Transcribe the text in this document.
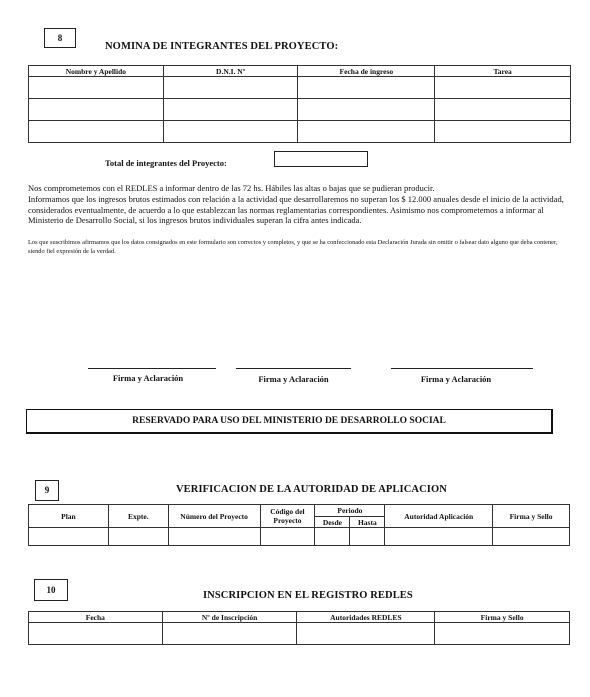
8
NOMINA DE INTEGRANTES DEL PROYECTO:
Nombre y Apellido	D.N.I. Nº	Fecha de ingreso	Tarea

Total de integrantes del Proyecto:
Nos comprometemos con el REDLES a informar dentro de las 72 hs. Hábiles las altas o bajas que se pudieran producir.
Informamos que los ingresos brutos estimados con relación a la actividad que desarrollaremos no superan los $ 12.000 anuales desde el inicio de la actividad, considerados eventualmente, de acuerdo a lo que establezcan las normas reglamentarias correspondientes. Asimismo nos comprometemos a informar al Ministerio de Desarrollo Social, si los ingresos brutos individuales superan la cifra antes indicada.
Los que suscribimos afirmamos que los datos consignados en este formulario son correctos y completos, y que se ha confeccionado esta Declaración Jurada sin omitir o falsear dato alguno que deba contener, siendo fiel expresión de la verdad.
Firma y Aclaración	Firma y Aclaración	Firma y Aclaración
RESERVADO PARA USO DEL MINISTERIO DE DESARROLLO SOCIAL
9	VERIFICACION DE LA AUTORIDAD DE APLICACION
Plan	Expte.	Número del Proyecto	Código del Proyecto	Periodo		Autoridad Aplicación	Firma y Sello
				Desde	Hasta		

10	INSCRIPCION EN EL REGISTRO REDLES
Fecha	Nº de Inscripción	Autoridades REDLES	Firma y Sello
